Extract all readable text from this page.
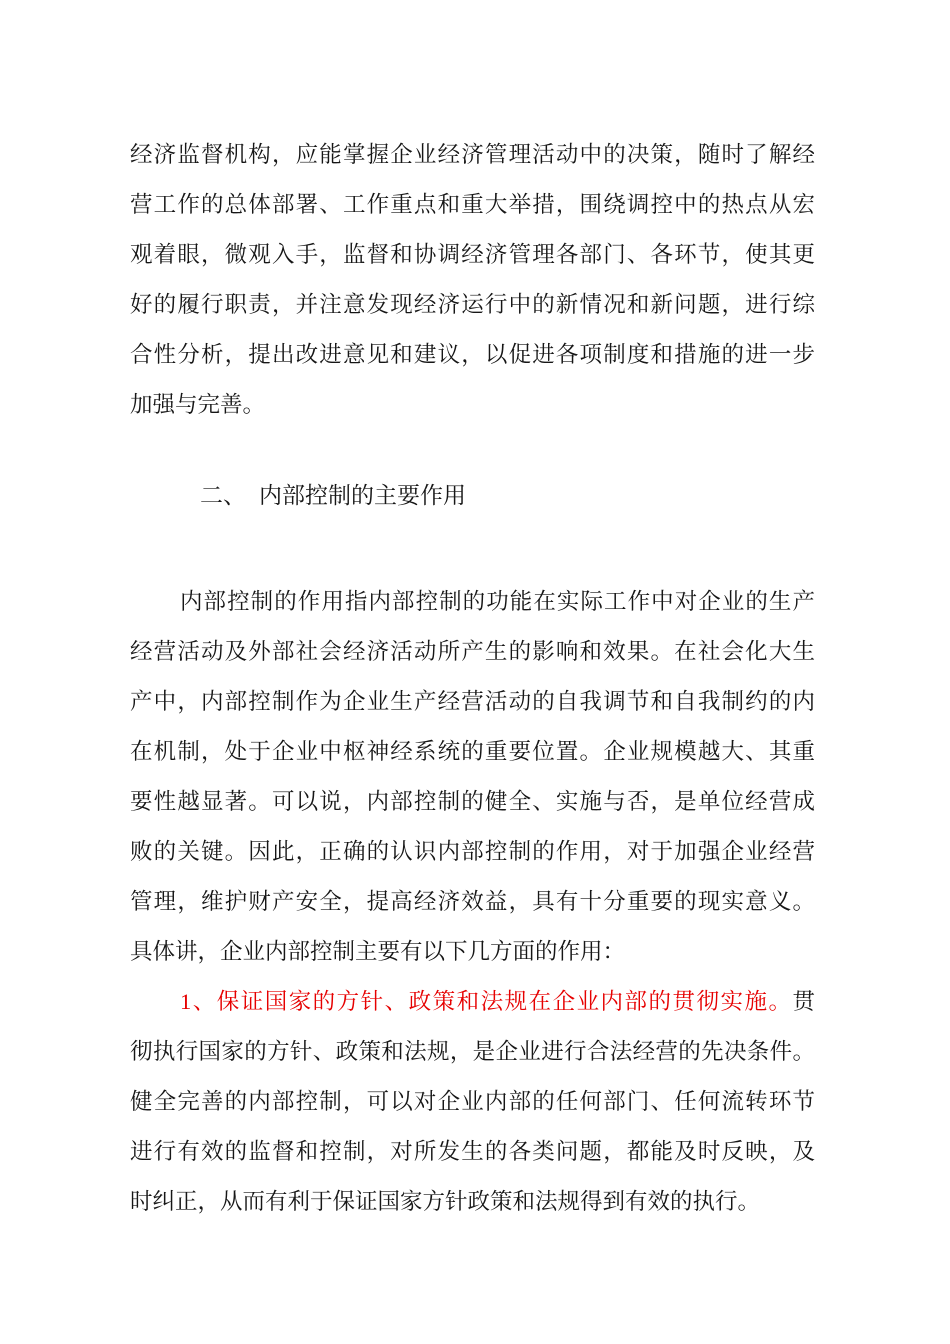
经济监督机构，应能掌握企业经济管理活动中的决策，随时了解经
营工作的总体部署、工作重点和重大举措，围绕调控中的热点从宏
观着眼，微观入手，监督和协调经济管理各部门、各环节，使其更
好的履行职责，并注意发现经济运行中的新情况和新问题，进行综
合性分析，提出改进意见和建议，以促进各项制度和措施的进一步
加强与完善。
二、 内部控制的主要作用
内部控制的作用指内部控制的功能在实际工作中对企业的生产
经营活动及外部社会经济活动所产生的影响和效果。在社会化大生
产中，内部控制作为企业生产经营活动的自我调节和自我制约的内
在机制，处于企业中枢神经系统的重要位置。企业规模越大、其重
要性越显著。可以说，内部控制的健全、实施与否，是单位经营成
败的关键。因此，正确的认识内部控制的作用，对于加强企业经营
管理，维护财产安全，提高经济效益，具有十分重要的现实意义。
具体讲，企业内部控制主要有以下几方面的作用：
1、保证国家的方针、政策和法规在企业内部的贯彻实施。贯
彻执行国家的方针、政策和法规，是企业进行合法经营的先决条件。
健全完善的内部控制，可以对企业内部的任何部门、任何流转环节
进行有效的监督和控制，对所发生的各类问题，都能及时反映，及
时纠正，从而有利于保证国家方针政策和法规得到有效的执行。
